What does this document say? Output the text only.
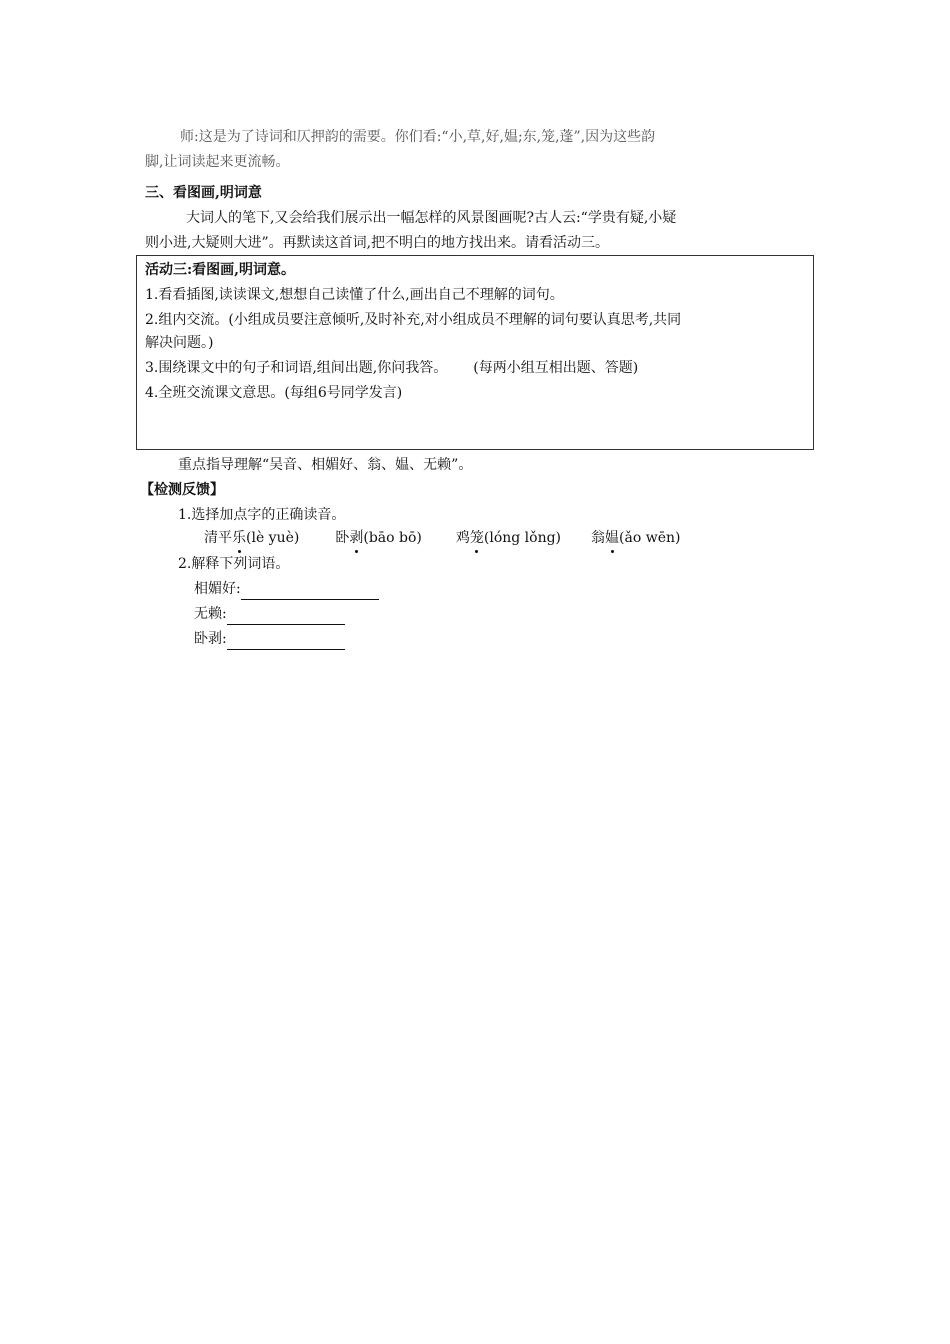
师:这是为了诗词和仄押韵的需要。你们看:“小,草,好,媪;东,笼,蓬”,因为这些韵
脚,让词读起来更流畅。
三、看图画,明词意
大词人的笔下,又会给我们展示出一幅怎样的风景图画呢?古人云:“学贵有疑,小疑
则小进,大疑则大进”。再默读这首词,把不明白的地方找出来。请看活动三。
活动三:看图画,明词意。
1.看看插图,读读课文,想想自己读懂了什么,画出自己不理解的词句。
2.组内交流。(小组成员要注意倾听,及时补充,对小组成员不理解的词句要认真思考,共同
解决问题。)
3.围绕课文中的句子和词语,组间出题,你问我答。 (每两小组互相出题、答题)
4.全班交流课文意思。(每组6号同学发言)
重点指导理解“吴音、相媚好、翁、媪、无赖”。
【检测反馈】
1.选择加点字的正确读音。
清平乐(lè yuè)	卧剥(bāo bō) 鸡笼(lóng lǒng) 翁媪(ǎo wēn)
2.解释下列词语。
相媚好:
无赖:
卧剥:
